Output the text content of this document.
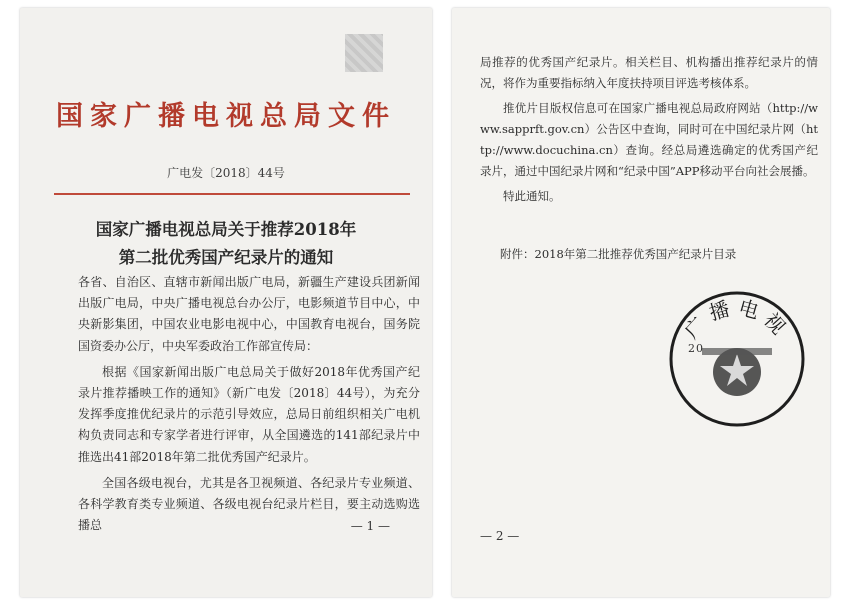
国家广播电视总局文件
广电发〔2018〕44号
国家广播电视总局关于推荐2018年
第二批优秀国产纪录片的通知

各省、自治区、直辖市新闻出版广电局，新疆生产建设兵团新闻出版广电局，中央广播电视总台办公厅，电影频道节目中心，中央新影集团，中国农业电影电视中心，中国教育电视台，国务院国资委办公厅，中央军委政治工作部宣传局：

根据《国家新闻出版广电总局关于做好2018年优秀国产纪录片推荐播映工作的通知》（新广电发〔2018〕44号），为充分发挥季度推优纪录片的示范引导效应，总局日前组织相关广电机构负责同志和专家学者进行评审，从全国遴选的141部纪录片中推选出41部2018年第二批优秀国产纪录片。

全国各级电视台，尤其是各卫视频道、各纪录片专业频道、各科学教育类专业频道、各级电视台纪录片栏目，要主动选购选播总	— 1 —

局推荐的优秀国产纪录片。相关栏目、机构播出推荐纪录片的情况，将作为重要指标纳入年度扶持项目评选考核体系。

推优片目版权信息可在国家广播电视总局政府网站（http://www.sapprft.gov.cn）公告区中查询，同时可在中国纪录片网（http://www.docuchina.cn）查询。经总局遴选确定的优秀国产纪录片，通过中国纪录片网和“纪录中国”APP移动平台向社会展播。

特此通知。

附件：2018年第二批推荐优秀国产纪录片目录
广播电视
20
— 2 —
